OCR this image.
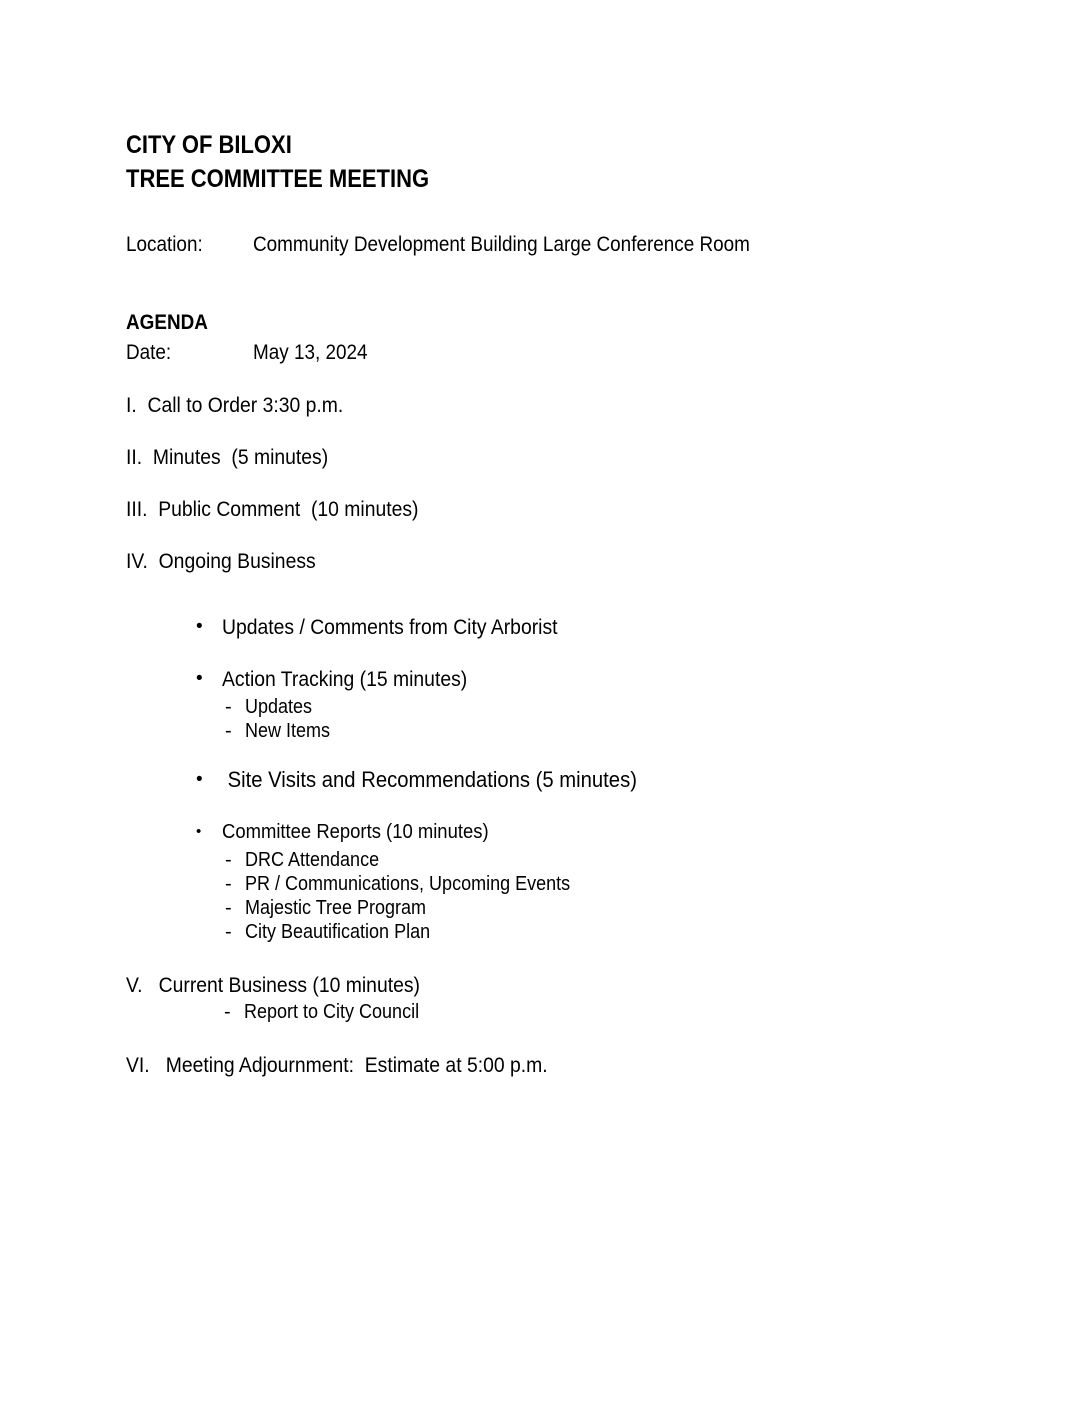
CITY OF BILOXI
TREE COMMITTEE MEETING
Location:	Community Development Building Large Conference Room
AGENDA
Date:	May 13, 2024
I.  Call to Order 3:30 p.m.
II.  Minutes  (5 minutes)
III.  Public Comment  (10 minutes)
IV.  Ongoing Business
• Updates / Comments from City Arborist
• Action Tracking (15 minutes)
- Updates
- New Items
• Site Visits and Recommendations (5 minutes)
•	Committee Reports (10 minutes)
- DRC Attendance
- PR / Communications, Upcoming Events
- Majestic Tree Program
- City Beautification Plan
V.   Current Business (10 minutes)
- Report to City Council
VI.   Meeting Adjournment:  Estimate at 5:00 p.m.
